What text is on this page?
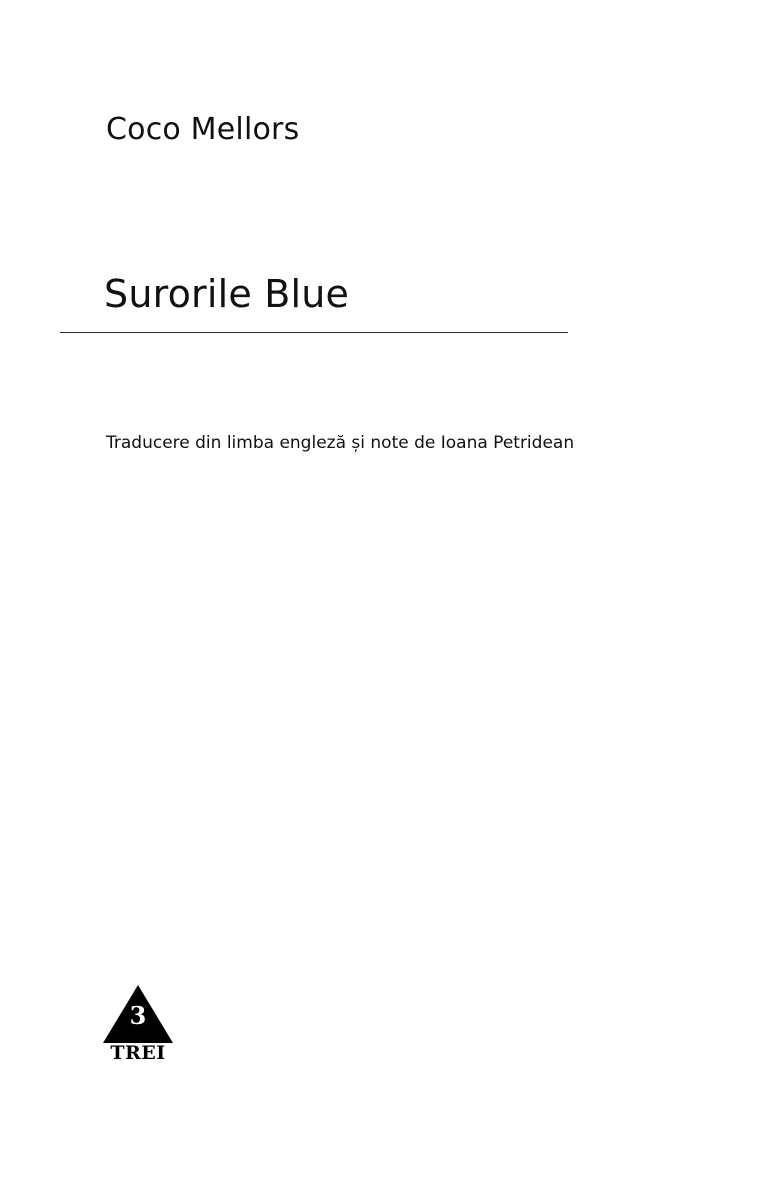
Coco Mellors
Surorile Blue
Traducere din limba engleză și note de Ioana Petridean
3
TREI
